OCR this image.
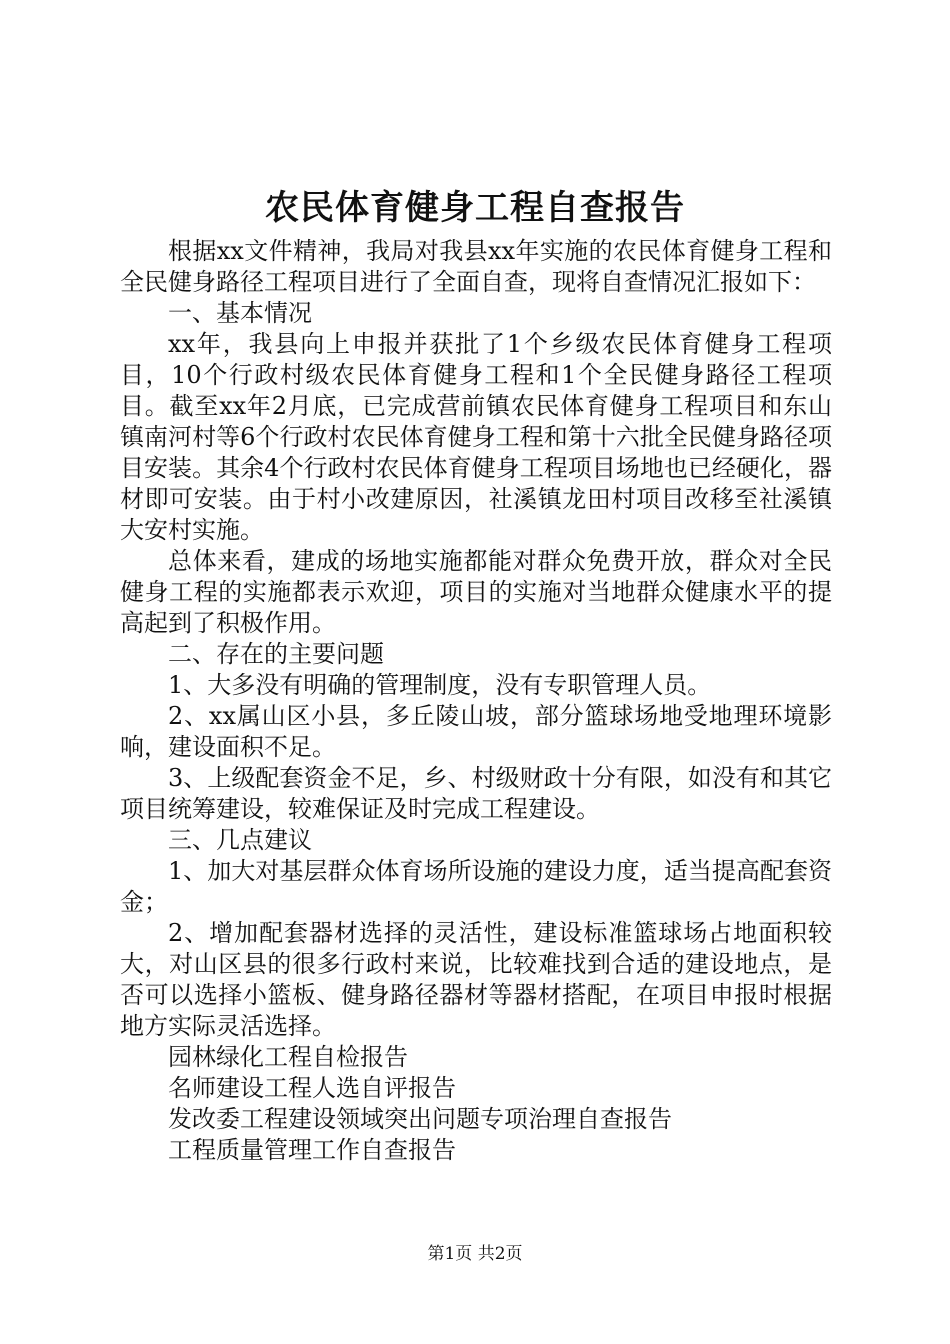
农民体育健身工程自查报告

根据xx文件精神，我局对我县xx年实施的农民体育健身工程和全民健身路径工程项目进行了全面自查，现将自查情况汇报如下：

一、基本情况

xx年，我县向上申报并获批了1个乡级农民体育健身工程项目，10个行政村级农民体育健身工程和1个全民健身路径工程项目。截至xx年2月底，已完成营前镇农民体育健身工程项目和东山镇南河村等6个行政村农民体育健身工程和第十六批全民健身路径项目安装。其余4个行政村农民体育健身工程项目场地也已经硬化，器材即可安装。由于村小改建原因，社溪镇龙田村项目改移至社溪镇大安村实施。

总体来看，建成的场地实施都能对群众免费开放，群众对全民健身工程的实施都表示欢迎，项目的实施对当地群众健康水平的提高起到了积极作用。

二、存在的主要问题

1、大多没有明确的管理制度，没有专职管理人员。

2、xx属山区小县，多丘陵山坡，部分篮球场地受地理环境影响，建设面积不足。

3、上级配套资金不足，乡、村级财政十分有限，如没有和其它项目统筹建设，较难保证及时完成工程建设。

三、几点建议

1、加大对基层群众体育场所设施的建设力度，适当提高配套资金；

2、增加配套器材选择的灵活性，建设标准篮球场占地面积较大，对山区县的很多行政村来说，比较难找到合适的建设地点，是否可以选择小篮板、健身路径器材等器材搭配，在项目申报时根据地方实际灵活选择。

园林绿化工程自检报告

名师建设工程人选自评报告

发改委工程建设领域突出问题专项治理自查报告

工程质量管理工作自查报告

第1页 共2页
